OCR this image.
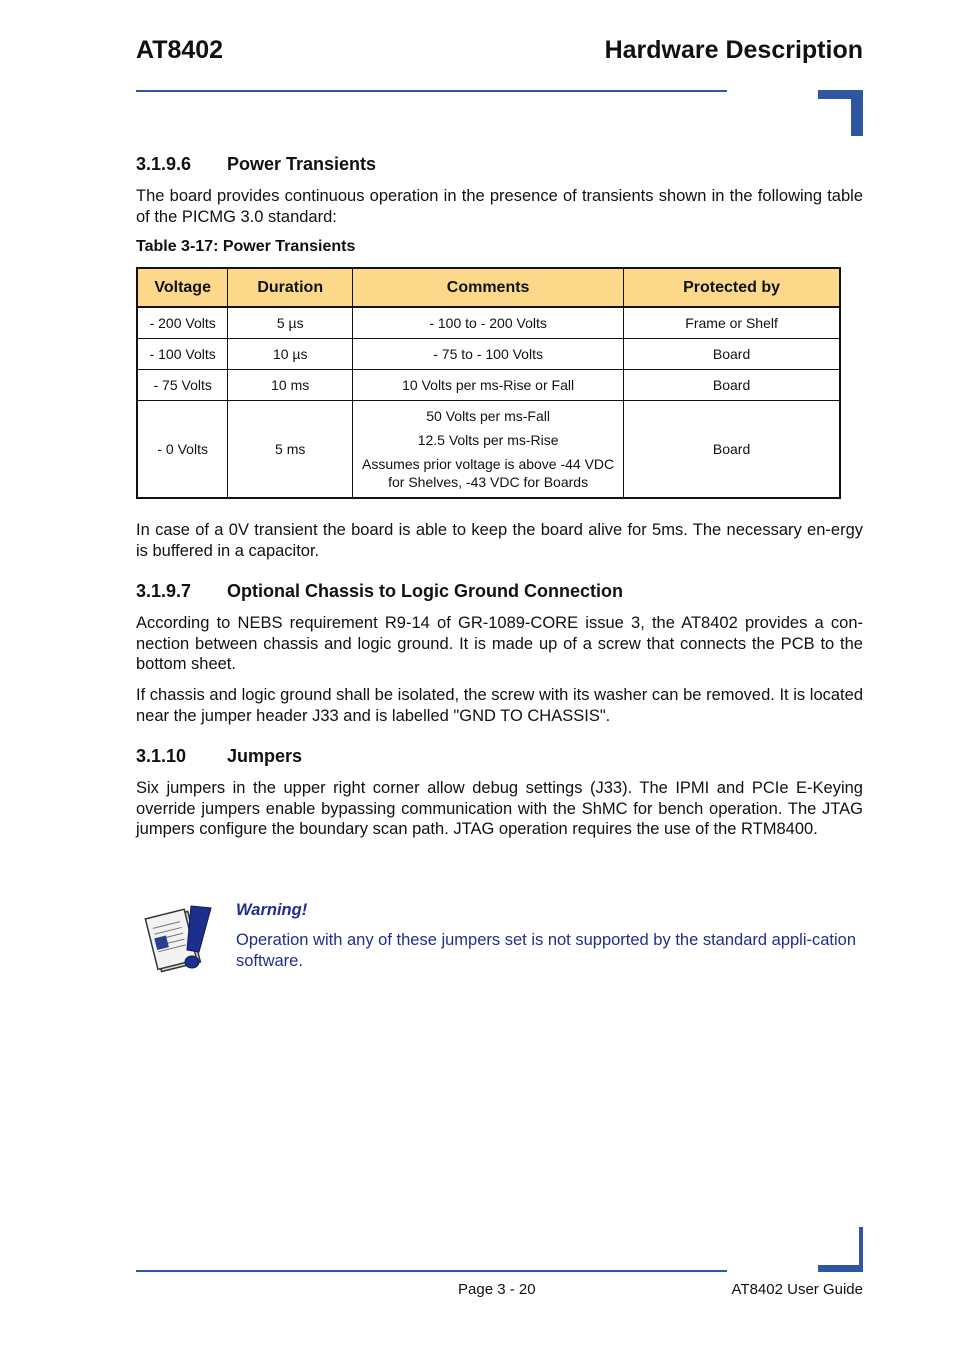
AT8402	Hardware Description
3.1.9.6 Power Transients

The board provides continuous operation in the presence of transients shown in the following table of the PICMG 3.0 standard:

Table 3-17: Power Transients
Voltage	Duration	Comments	Protected by
- 200 Volts	5 µs	- 100 to - 200 Volts	Frame or Shelf
- 100 Volts	10 µs	- 75 to - 100 Volts	Board
- 75 Volts	10 ms	10 Volts per ms-Rise or Fall	Board
- 0 Volts	5 ms	50 Volts per ms-Fall
12.5 Volts per ms-Rise
Assumes prior voltage is above -44 VDC for Shelves, -43 VDC for Boards	Board

In case of a 0V transient the board is able to keep the board alive for 5ms. The necessary en-ergy is buffered in a capacitor.

3.1.9.7 Optional Chassis to Logic Ground Connection

According to NEBS requirement R9-14 of GR-1089-CORE issue 3, the AT8402 provides a con-nection between chassis and logic ground. It is made up of a screw that connects the PCB to the bottom sheet.

If chassis and logic ground shall be isolated, the screw with its washer can be removed. It is located near the jumper header J33 and is labelled "GND TO CHASSIS".

3.1.10 Jumpers

Six jumpers in the upper right corner allow debug settings (J33). The IPMI and PCIe E-Keying override jumpers enable bypassing communication with the ShMC for bench operation. The JTAG jumpers configure the boundary scan path. JTAG operation requires the use of the RTM8400.

Warning!

Operation with any of these jumpers set is not supported by the standard appli-cation software.

Page 3 - 20	AT8402 User Guide
